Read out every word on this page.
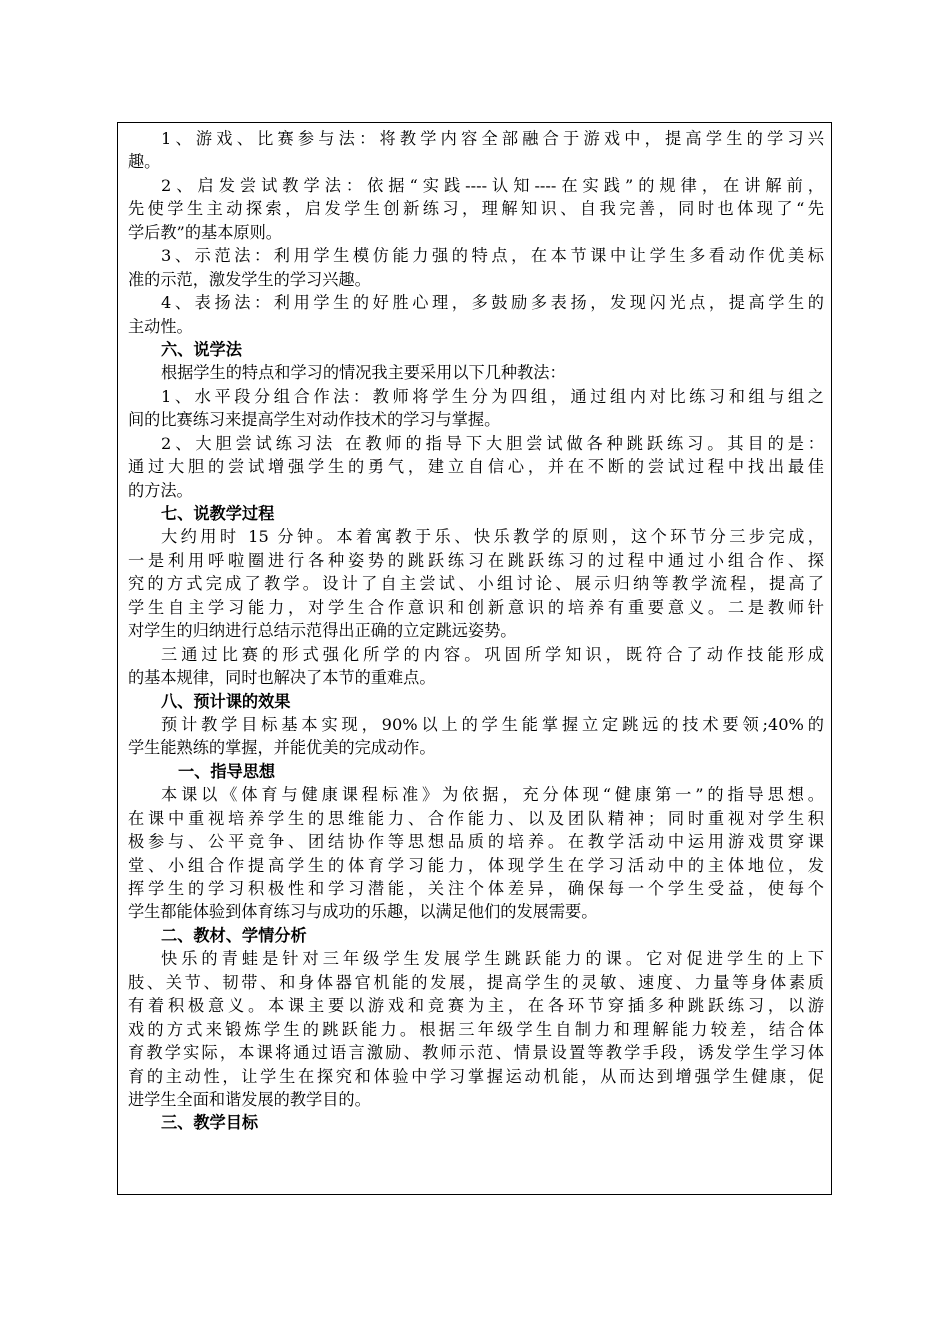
1、游戏、比赛参与法：将教学内容全部融合于游戏中，提高学生的学习兴
趣。
2、启发尝试教学法：依据“实践----认知----在实践”的规律，在讲解前，
先使学生主动探索，启发学生创新练习，理解知识、自我完善，同时也体现了“先
学后教”的基本原则。
3、示范法：利用学生模仿能力强的特点，在本节课中让学生多看动作优美标
准的示范，激发学生的学习兴趣。
4、表扬法：利用学生的好胜心理，多鼓励多表扬，发现闪光点，提高学生的
主动性。
六、说学法
根据学生的特点和学习的情况我主要采用以下几种教法：
1、水平段分组合作法：教师将学生分为四组，通过组内对比练习和组与组之
间的比赛练习来提高学生对动作技术的学习与掌握。
2、大胆尝试练习法 在教师的指导下大胆尝试做各种跳跃练习。其目的是：
通过大胆的尝试增强学生的勇气，建立自信心，并在不断的尝试过程中找出最佳
的方法。
七、说教学过程
大约用时 15 分钟。本着寓教于乐、快乐教学的原则，这个环节分三步完成，
一是利用呼啦圈进行各种姿势的跳跃练习在跳跃练习的过程中通过小组合作、探
究的方式完成了教学。设计了自主尝试、小组讨论、展示归纳等教学流程，提高了
学生自主学习能力，对学生合作意识和创新意识的培养有重要意义。二是教师针
对学生的归纳进行总结示范得出正确的立定跳远姿势。
三通过比赛的形式强化所学的内容。巩固所学知识，既符合了动作技能形成
的基本规律，同时也解决了本节的重难点。
八、预计课的效果
预计教学目标基本实现，90%以上的学生能掌握立定跳远的技术要领;40%的
学生能熟练的掌握，并能优美的完成动作。
一、指导思想
本课以《体育与健康课程标准》为依据，充分体现“健康第一”的指导思想。
在课中重视培养学生的思维能力、合作能力、以及团队精神；同时重视对学生积
极参与、公平竞争、团结协作等思想品质的培养。在教学活动中运用游戏贯穿课
堂、小组合作提高学生的体育学习能力，体现学生在学习活动中的主体地位，发
挥学生的学习积极性和学习潜能，关注个体差异，确保每一个学生受益，使每个
学生都能体验到体育练习与成功的乐趣，以满足他们的发展需要。
二、教材、学情分析
快乐的青蛙是针对三年级学生发展学生跳跃能力的课。它对促进学生的上下
肢、关节、韧带、和身体器官机能的发展，提高学生的灵敏、速度、力量等身体素质
有着积极意义。本课主要以游戏和竞赛为主，在各环节穿插多种跳跃练习，以游
戏的方式来锻炼学生的跳跃能力。根据三年级学生自制力和理解能力较差，结合体
育教学实际，本课将通过语言激励、教师示范、情景设置等教学手段，诱发学生学习体
育的主动性，让学生在探究和体验中学习掌握运动机能，从而达到增强学生健康，促
进学生全面和谐发展的教学目的。
三、教学目标
